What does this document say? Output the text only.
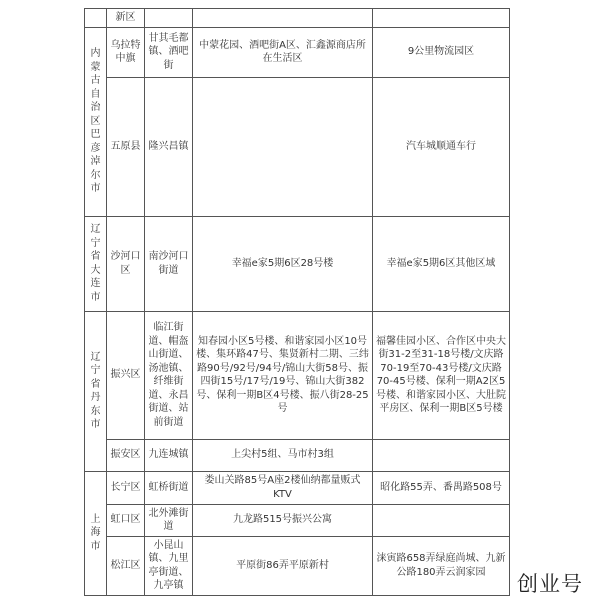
	新区			
内蒙古自治区巴彦淖尔市	乌拉特中旗	甘其毛都镇、酒吧街	中蒙花园、酒吧街A区、汇鑫源商店所在生活区	9公里物流园区
	五原县	隆兴昌镇		汽车城顺通车行
辽宁省大连市	沙河口区	南沙河口街道	幸福e家5期6区28号楼	幸福e家5期6区其他区域
辽宁省丹东市	振兴区	临江街道、帽盔山街道、汤池镇、纤维街道、永昌街道、站前街道	知春园小区5号楼、和谐家园小区10号楼、集环路47号、集贤新村二期、三纬路90号/92号/94号/锦山大街58号、振四街15号/17号/19号、锦山大街382号、保利一期B区4号楼、振八街28-25号	福馨佳园小区、合作区中央大街31-2至31-18号楼/文庆路70-19至70-43号楼/文庆路70-45号楼、保利一期A2区5号楼、和谐家园小区、大肚院平房区、保利一期B区5号楼
	振安区	九连城镇	上尖村5组、马市村3组	
上海市	长宁区	虹桥街道	娄山关路85号A座2楼仙纳都量贩式KTV	昭化路55弄、番禺路508号
	虹口区	北外滩街道	九龙路515号振兴公寓	
	松江区	小昆山镇、九里亭街道、九亭镇	平原街86弄平原新村	涞寅路658弄绿庭尚城、九新公路180弄云润家园 创业号
